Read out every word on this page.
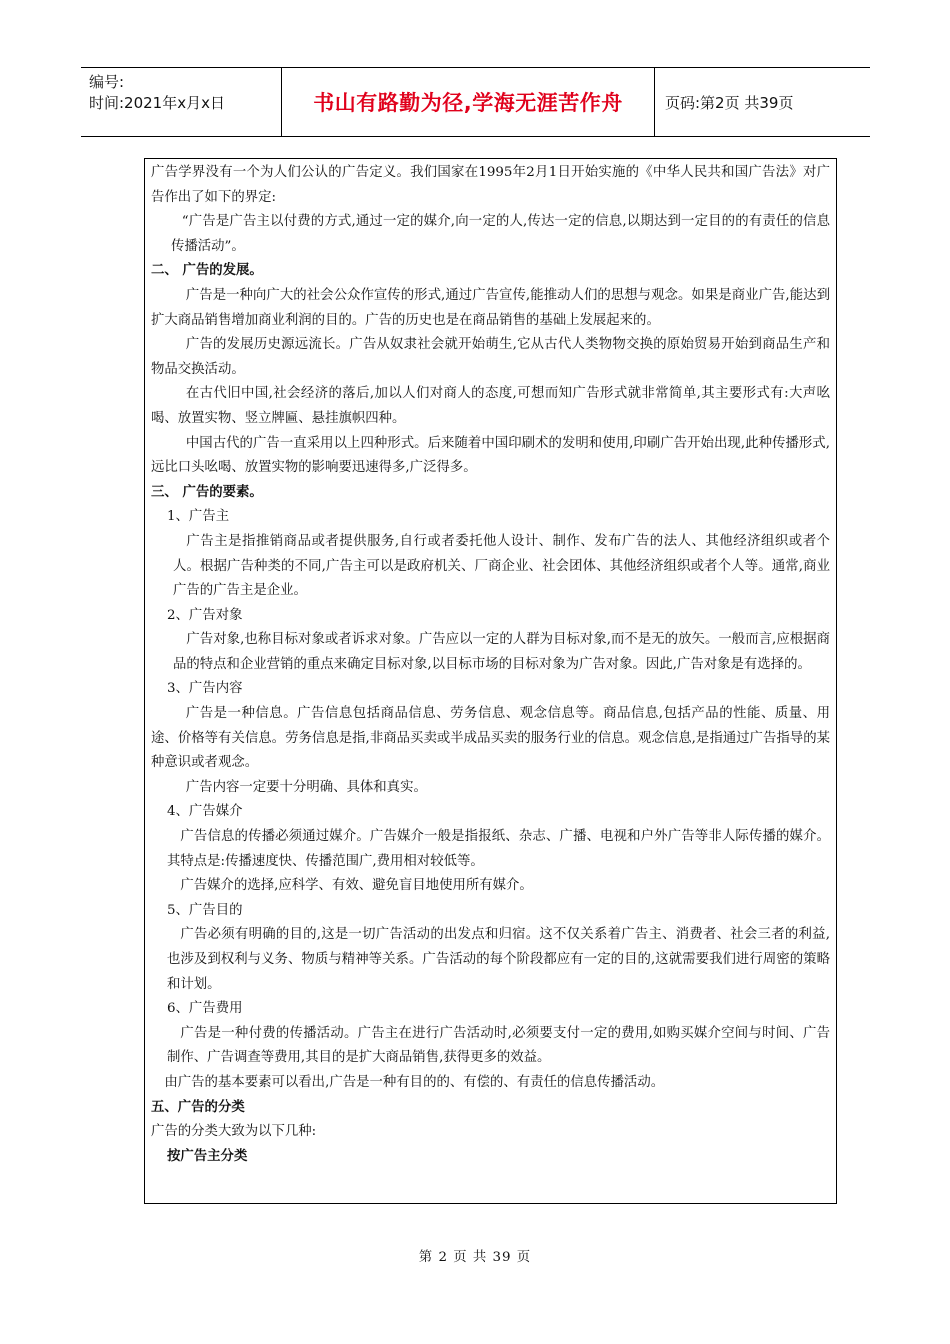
编号:
时间:2021年x月x日	书山有路勤为径,学海无涯苦作舟	页码:第2页 共39页

广告学界没有一个为人们公认的广告定义。我们国家在1995年2月1日开始实施的《中华人民共和国广告法》对广告作出了如下的界定:

“广告是广告主以付费的方式,通过一定的媒介,向一定的人,传达一定的信息,以期达到一定目的的有责任的信息传播活动”。

二、 广告的发展。

广告是一种向广大的社会公众作宣传的形式,通过广告宣传,能推动人们的思想与观念。如果是商业广告,能达到扩大商品销售增加商业利润的目的。广告的历史也是在商品销售的基础上发展起来的。

广告的发展历史源远流长。广告从奴隶社会就开始萌生,它从古代人类物物交换的原始贸易开始到商品生产和物品交换活动。

在古代旧中国,社会经济的落后,加以人们对商人的态度,可想而知广告形式就非常简单,其主要形式有:大声吆喝、放置实物、竖立牌匾、悬挂旗帜四种。

中国古代的广告一直采用以上四种形式。后来随着中国印刷术的发明和使用,印刷广告开始出现,此种传播形式,远比口头吆喝、放置实物的影响要迅速得多,广泛得多。

三、 广告的要素。

1、广告主

广告主是指推销商品或者提供服务,自行或者委托他人设计、制作、发布广告的法人、其他经济组织或者个人。根据广告种类的不同,广告主可以是政府机关、厂商企业、社会团体、其他经济组织或者个人等。通常,商业广告的广告主是企业。

2、广告对象

广告对象,也称目标对象或者诉求对象。广告应以一定的人群为目标对象,而不是无的放矢。一般而言,应根据商品的特点和企业营销的重点来确定目标对象,以目标市场的目标对象为广告对象。因此,广告对象是有选择的。

3、广告内容

广告是一种信息。广告信息包括商品信息、劳务信息、观念信息等。商品信息,包括产品的性能、质量、用途、价格等有关信息。劳务信息是指,非商品买卖或半成品买卖的服务行业的信息。观念信息,是指通过广告指导的某种意识或者观念。

广告内容一定要十分明确、具体和真实。

4、广告媒介

广告信息的传播必须通过媒介。广告媒介一般是指报纸、杂志、广播、电视和户外广告等非人际传播的媒介。其特点是:传播速度快、传播范围广,费用相对较低等。

广告媒介的选择,应科学、有效、避免盲目地使用所有媒介。

5、广告目的

广告必须有明确的目的,这是一切广告活动的出发点和归宿。这不仅关系着广告主、消费者、社会三者的利益,也涉及到权利与义务、物质与精神等关系。广告活动的每个阶段都应有一定的目的,这就需要我们进行周密的策略和计划。

6、广告费用

广告是一种付费的传播活动。广告主在进行广告活动时,必须要支付一定的费用,如购买媒介空间与时间、广告制作、广告调查等费用,其目的是扩大商品销售,获得更多的效益。

由广告的基本要素可以看出,广告是一种有目的的、有偿的、有责任的信息传播活动。

五、广告的分类

广告的分类大致为以下几种:

按广告主分类

第 2 页 共 39 页
